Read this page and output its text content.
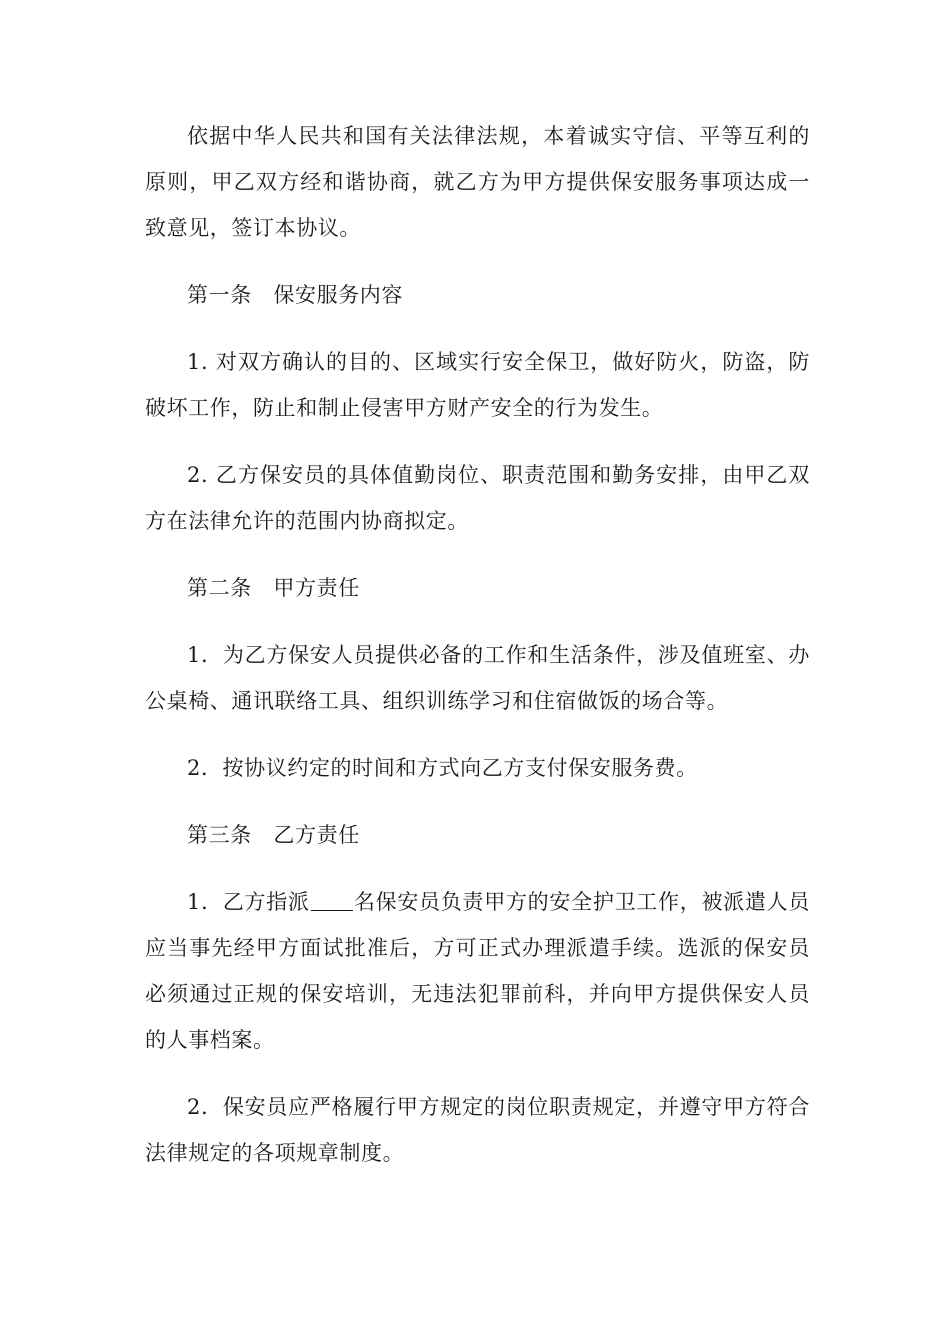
依据中华人民共和国有关法律法规，本着诚实守信、平等互利的原则，甲乙双方经和谐协商，就乙方为甲方提供保安服务事项达成一致意见，签订本协议。

第一条　保安服务内容

1. 对双方确认的目的、区域实行安全保卫，做好防火，防盗，防破坏工作，防止和制止侵害甲方财产安全的行为发生。

2. 乙方保安员的具体值勤岗位、职责范围和勤务安排，由甲乙双方在法律允许的范围内协商拟定。

第二条　甲方责任

1．为乙方保安人员提供必备的工作和生活条件，涉及值班室、办公桌椅、通讯联络工具、组织训练学习和住宿做饭的场合等。

2．按协议约定的时间和方式向乙方支付保安服务费。

第三条　乙方责任

1．乙方指派 名保安员负责甲方的安全护卫工作，被派遣人员应当事先经甲方面试批准后，方可正式办理派遣手续。选派的保安员必须通过正规的保安培训，无违法犯罪前科，并向甲方提供保安人员的人事档案。

2．保安员应严格履行甲方规定的岗位职责规定，并遵守甲方符合法律规定的各项规章制度。
